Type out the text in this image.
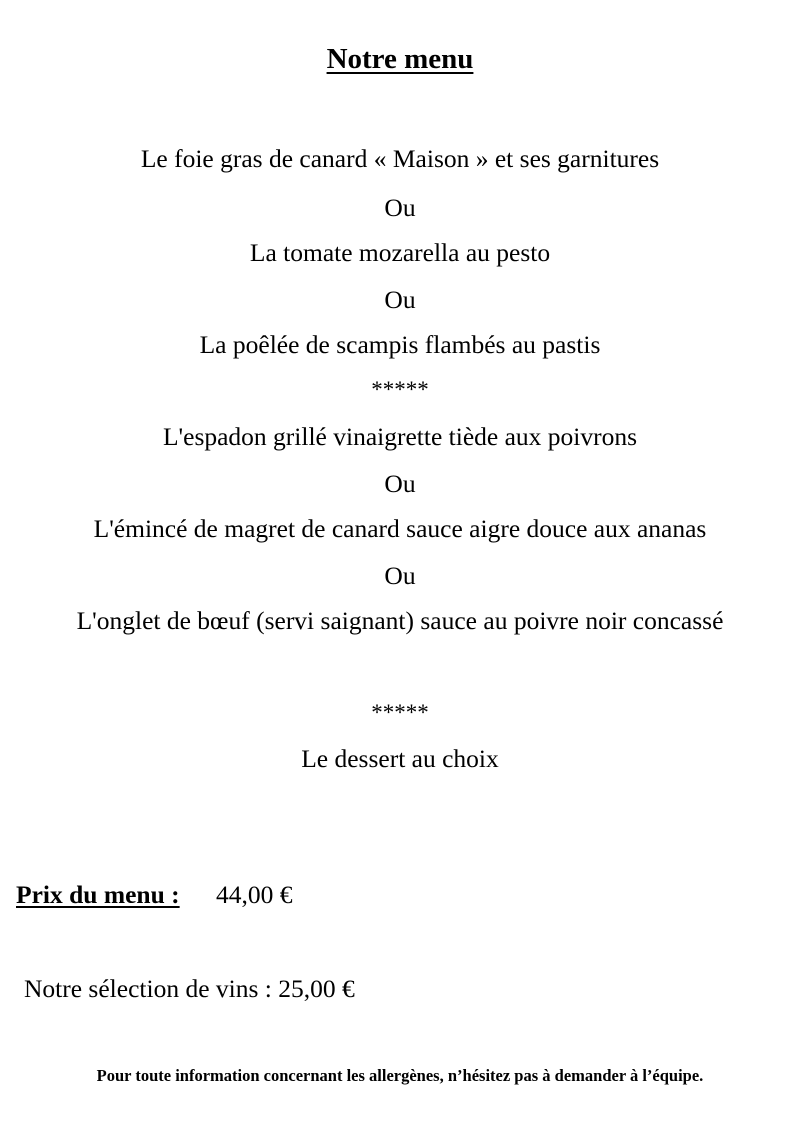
Notre menu
Le foie gras de canard « Maison » et ses garnitures
Ou
La tomate mozarella au pesto
Ou
La poêlée de scampis flambés au pastis
*****
L'espadon grillé vinaigrette tiède aux poivrons
Ou
L'émincé de magret de canard sauce aigre douce aux ananas
Ou
L'onglet de bœuf (servi saignant) sauce au poivre noir concassé
*****
Le dessert au choix
Prix du menu : 44,00 €
Notre sélection de vins : 25,00 €
Pour toute information concernant les allergènes, n’hésitez pas à demander à l’équipe.
